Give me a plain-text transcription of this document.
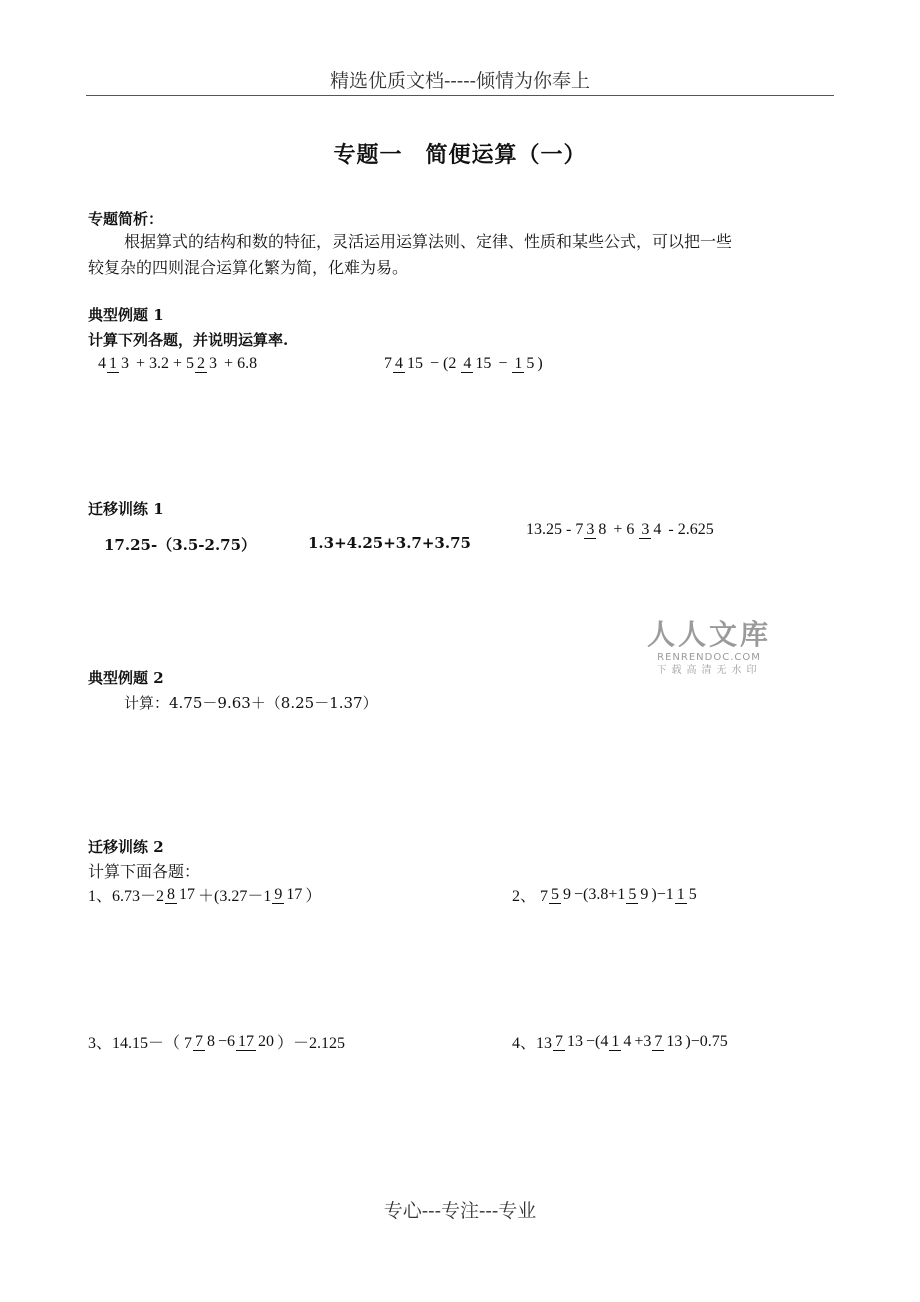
精选优质文档-----倾情为你奉上
专题一　简便运算（一）
专题简析：
根据算式的结构和数的特征，灵活运用运算法则、定律、性质和某些公式，可以把一些
较复杂的四则混合运算化繁为简，化难为易。
典型例题 1
计算下列各题，并说明运算率.
4 1 3 + 3.2 + 5 2 3 + 6.8	7 4 15 − (2 4 15 − 1 5 )
迁移训练 1
17.25-（3.5-2.75）	1.3+4.25+3.7+3.75
13.25 - 7 3 8 + 6 3 4 - 2.625
人人文库
RENRENDOC.COM
下载高清无水印
典型例题 2
计算：4.75－9.63＋（8.25－1.37）
迁移训练 2
计算下面各题：
1、6.73－2 8 17 ＋(3.27－1 9 17 ）	2、 7 5 9 −(3.8+1 5 9 )−1 1 5
3、14.15－（ 7 7 8 −6 17 20 ）－2.125	4、13 7 13 −(4 1 4 +3 7 13 )−0.75
专心---专注---专业
